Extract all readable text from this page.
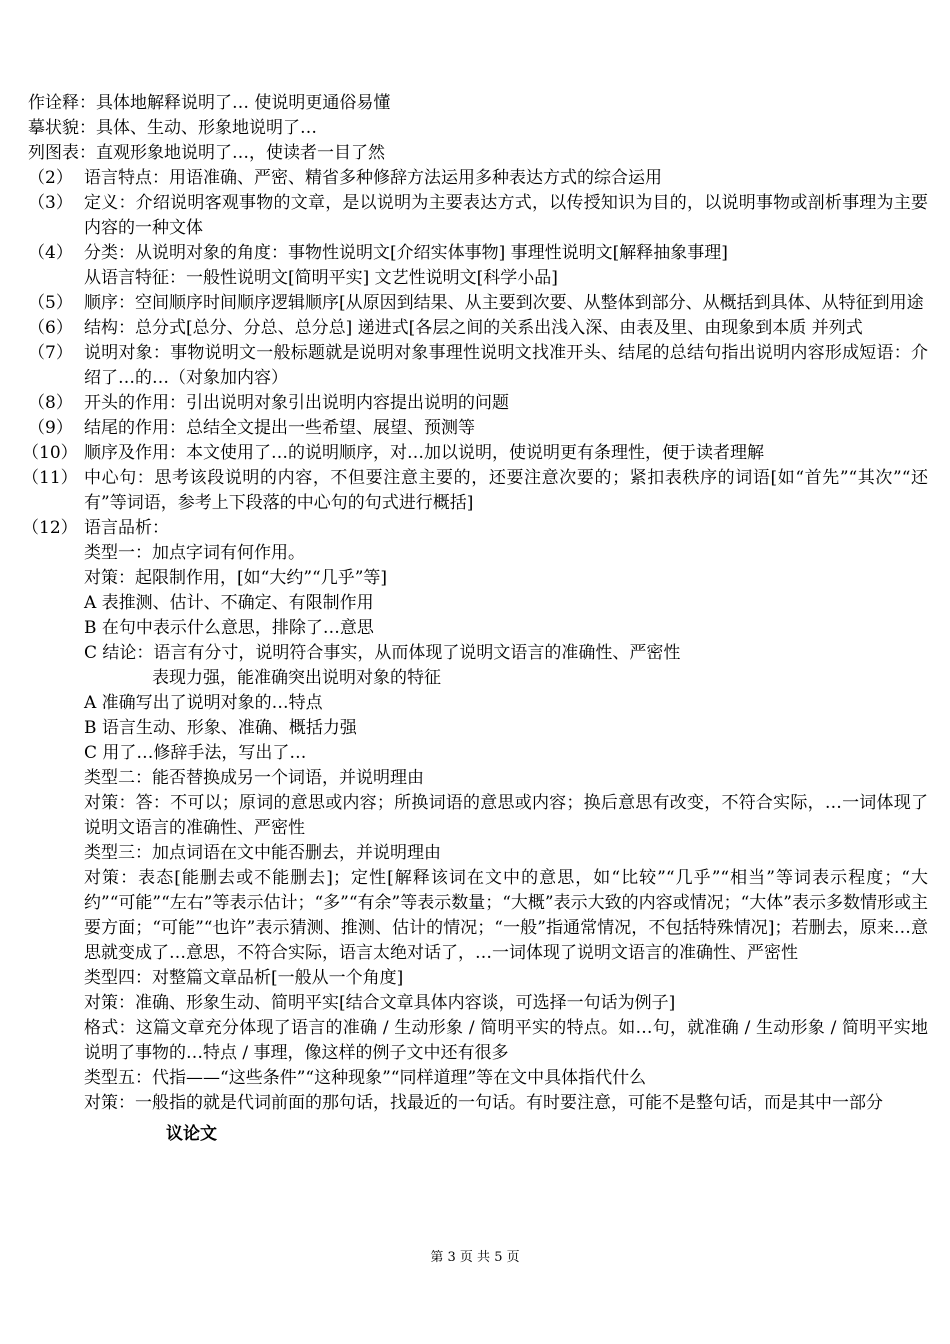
作诠释：具体地解释说明了… 使说明更通俗易懂
摹状貌：具体、生动、形象地说明了…
列图表：直观形象地说明了…，使读者一目了然
（2） 语言特点：用语准确、严密、精省多种修辞方法运用多种表达方式的综合运用
（3） 定义：介绍说明客观事物的文章，是以说明为主要表达方式，以传授知识为目的，以说明事物或剖析事理为主要内容的一种文体
（4） 分类：从说明对象的角度：事物性说明文[介绍实体事物] 事理性说明文[解释抽象事理]
从语言特征：一般性说明文[简明平实] 文艺性说明文[科学小品]
（5） 顺序：空间顺序时间顺序逻辑顺序[从原因到结果、从主要到次要、从整体到部分、从概括到具体、从特征到用途
（6） 结构：总分式[总分、分总、总分总] 递进式[各层之间的关系出浅入深、由表及里、由现象到本质 并列式
（7） 说明对象：事物说明文一般标题就是说明对象事理性说明文找准开头、结尾的总结句指出说明内容形成短语：介绍了…的…（对象加内容）
（8） 开头的作用：引出说明对象引出说明内容提出说明的问题
（9） 结尾的作用：总结全文提出一些希望、展望、预测等
（10） 顺序及作用：本文使用了…的说明顺序，对…加以说明，使说明更有条理性，便于读者理解
（11） 中心句：思考该段说明的内容，不但要注意主要的，还要注意次要的；紧扣表秩序的词语[如“首先”“其次”“还有”等词语，参考上下段落的中心句的句式进行概括]
（12） 语言品析：
类型一：加点字词有何作用。
对策：起限制作用，[如“大约”“几乎”等]
A 表推测、估计、不确定、有限制作用
B 在句中表示什么意思，排除了…意思
C 结论：语言有分寸，说明符合事实，从而体现了说明文语言的准确性、严密性
表现力强，能准确突出说明对象的特征
A 准确写出了说明对象的…特点
B 语言生动、形象、准确、概括力强
C 用了…修辞手法，写出了…
类型二：能否替换成另一个词语，并说明理由
对策：答：不可以；原词的意思或内容；所换词语的意思或内容；换后意思有改变，不符合实际，…一词体现了说明文语言的准确性、严密性
类型三：加点词语在文中能否删去，并说明理由
对策：表态[能删去或不能删去]；定性[解释该词在文中的意思，如“比较”“几乎”“相当”等词表示程度；“大约”“可能”“左右”等表示估计；“多”“有余”等表示数量；“大概”表示大致的内容或情况；“大体”表示多数情形或主要方面；“可能”“也许”表示猜测、推测、估计的情况；“一般”指通常情况，不包括特殊情况]；若删去，原来…意思就变成了…意思，不符合实际，语言太绝对话了，…一词体现了说明文语言的准确性、严密性
类型四：对整篇文章品析[一般从一个角度]
对策：准确、形象生动、简明平实[结合文章具体内容谈，可选择一句话为例子]
格式：这篇文章充分体现了语言的准确 / 生动形象 / 简明平实的特点。如…句，就准确 / 生动形象 / 简明平实地说明了事物的…特点 / 事理，像这样的例子文中还有很多
类型五：代指——“这些条件”“这种现象”“同样道理”等在文中具体指代什么
对策：一般指的就是代词前面的那句话，找最近的一句话。有时要注意，可能不是整句话，而是其中一部分
议论文
第 3 页 共 5 页
